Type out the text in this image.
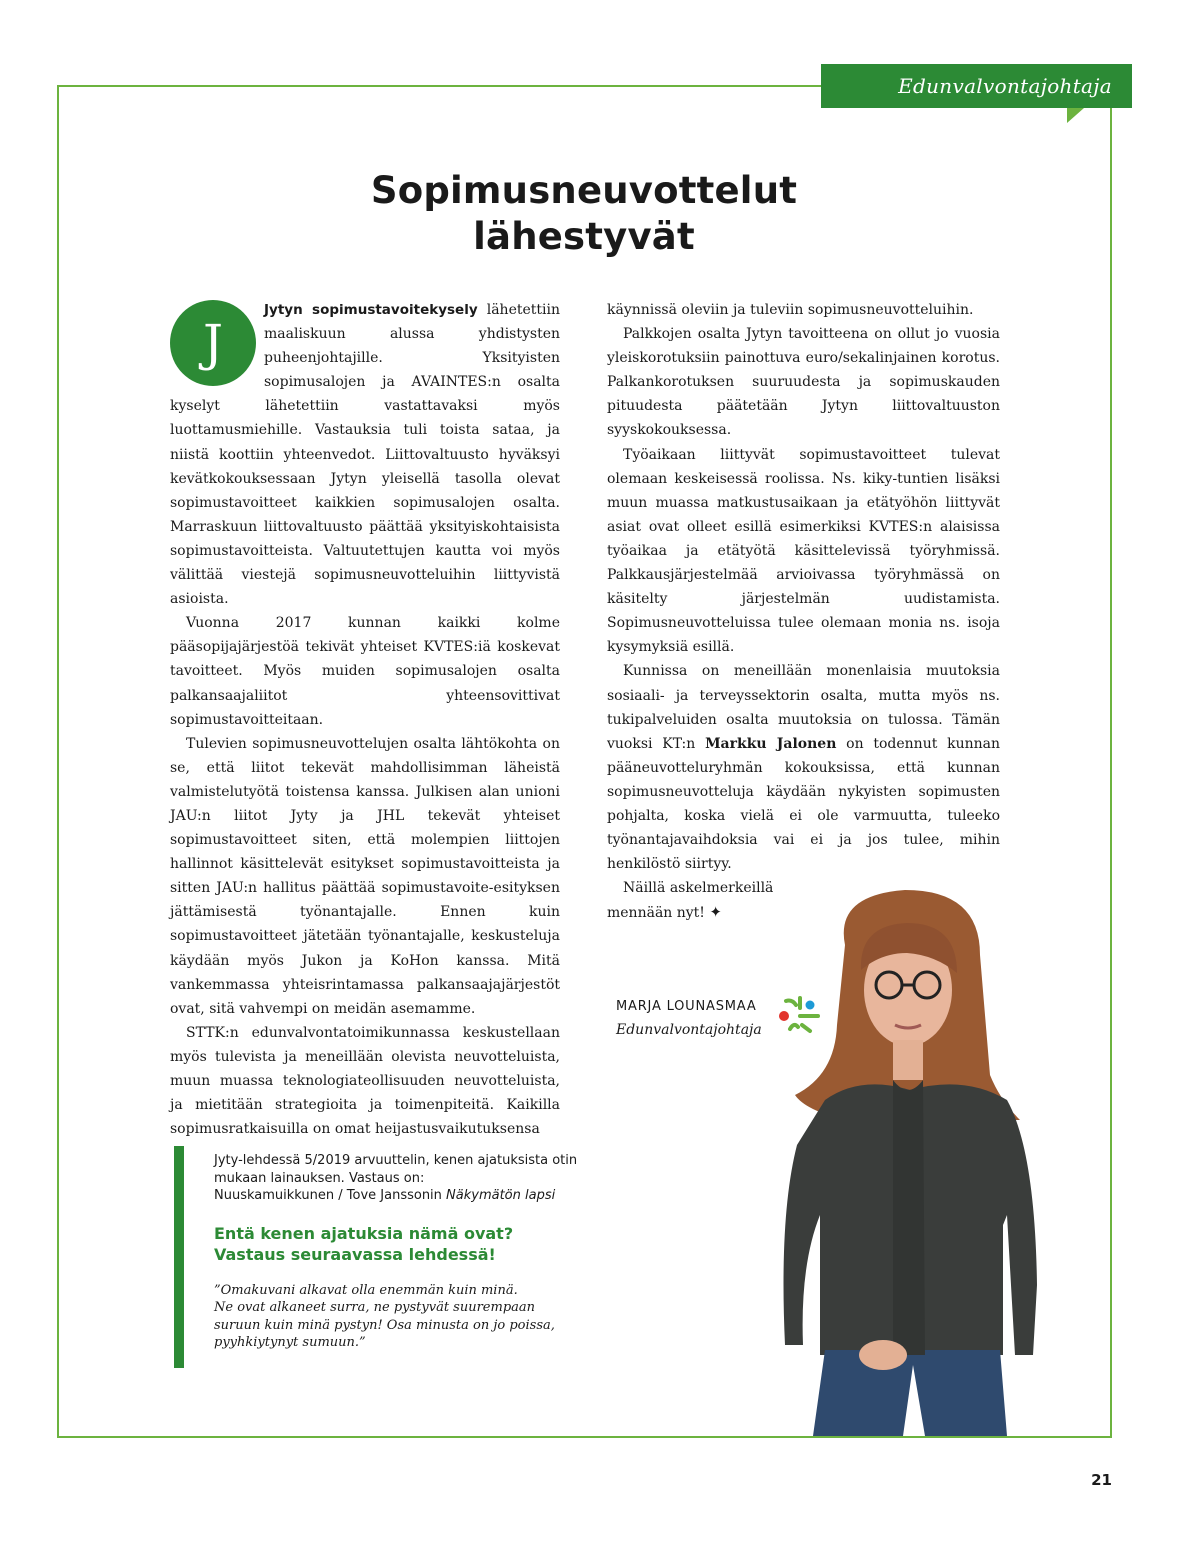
Edunvalvontajohtaja
Sopimusneuvottelut
lähestyvät
J

Jytyn sopimustavoitekysely lähetettiin maaliskuun alussa yhdistysten puheenjohtajille. Yksityisten sopimusalojen ja AVAINTES:n osalta kyselyt lähetettiin vastattavaksi myös luottamusmiehille. Vastauksia tuli toista sataa, ja niistä koottiin yhteenvedot. Liittovaltuusto hyväksyi kevätkokouksessaan Jytyn yleisellä tasolla olevat sopimustavoitteet kaikkien sopimusalojen osalta. Marraskuun liittovaltuusto päättää yksityiskohtaisista sopimustavoitteista. Valtuutettujen kautta voi myös välittää viestejä sopimusneuvotteluihin liittyvistä asioista.

Vuonna 2017 kunnan kaikki kolme pääsopijajärjestöä tekivät yhteiset KVTES:iä koskevat tavoitteet. Myös muiden sopimusalojen osalta palkansaajaliitot yhteensovittivat sopimustavoitteitaan.

Tulevien sopimusneuvottelujen osalta lähtökohta on se, että liitot tekevät mahdollisimman läheistä valmistelutyötä toistensa kanssa. Julkisen alan unioni JAU:n liitot Jyty ja JHL tekevät yhteiset sopimustavoitteet siten, että molempien liittojen hallinnot käsittelevät esitykset sopimustavoitteista ja sitten JAU:n hallitus päättää sopimustavoite-esityksen jättämisestä työnantajalle. Ennen kuin sopimustavoitteet jätetään työnantajalle, keskusteluja käydään myös Jukon ja KoHon kanssa. Mitä vankemmassa yhteisrintamassa palkansaajajärjestöt ovat, sitä vahvempi on meidän asemamme.

STTK:n edunvalvontatoimikunnassa keskustellaan myös tulevista ja meneillään olevista neuvotteluista, muun muassa teknologiateollisuuden neuvotteluista, ja mietitään strategioita ja toimenpiteitä. Kaikilla sopimusratkaisuilla on omat heijastusvaikutuksensa

käynnissä oleviin ja tuleviin sopimusneuvotteluihin.

Palkkojen osalta Jytyn tavoitteena on ollut jo vuosia yleiskorotuksiin painottuva euro/sekalinjainen korotus. Palkankorotuksen suuruudesta ja sopimuskauden pituudesta päätetään Jytyn liittovaltuuston syyskokouksessa.

Työaikaan liittyvät sopimustavoitteet tulevat olemaan keskeisessä roolissa. Ns. kiky-tuntien lisäksi muun muassa matkustusaikaan ja etätyöhön liittyvät asiat ovat olleet esillä esimerkiksi KVTES:n alaisissa työaikaa ja etätyötä käsittelevissä työryhmissä. Palkkausjärjestelmää arvioivassa työryhmässä on käsitelty järjestelmän uudistamista. Sopimusneuvotteluissa tulee olemaan monia ns. isoja kysymyksiä esillä.

Kunnissa on meneillään monenlaisia muutoksia sosiaali- ja terveyssektorin osalta, mutta myös ns. tukipalveluiden osalta muutoksia on tulossa. Tämän vuoksi KT:n Markku Jalonen on todennut kunnan pääneuvotteluryhmän kokouksissa, että kunnan sopimusneuvotteluja käydään nykyisten sopimusten pohjalta, koska vielä ei ole varmuutta, tuleeko työnantajavaihdoksia vai ei ja jos tulee, mihin henkilöstö siirtyy.

Näillä askelmerkeillä
mennään nyt! ✦

MARJA LOUNASMAA
Edunvalvontajohtaja
Jyty-lehdessä 5/2019 arvuuttelin, kenen ajatuksista otin
mukaan lainauksen. Vastaus on:
Nuuskamuikkunen / Tove Janssonin Näkymätön lapsi
Entä kenen ajatuksia nämä ovat?
Vastaus seuraavassa lehdessä!
”Omakuvani alkavat olla enemmän kuin minä.
Ne ovat alkaneet surra, ne pystyvät suurempaan
suruun kuin minä pystyn! Osa minusta on jo poissa,
pyyhkiytynyt sumuun.”
21
